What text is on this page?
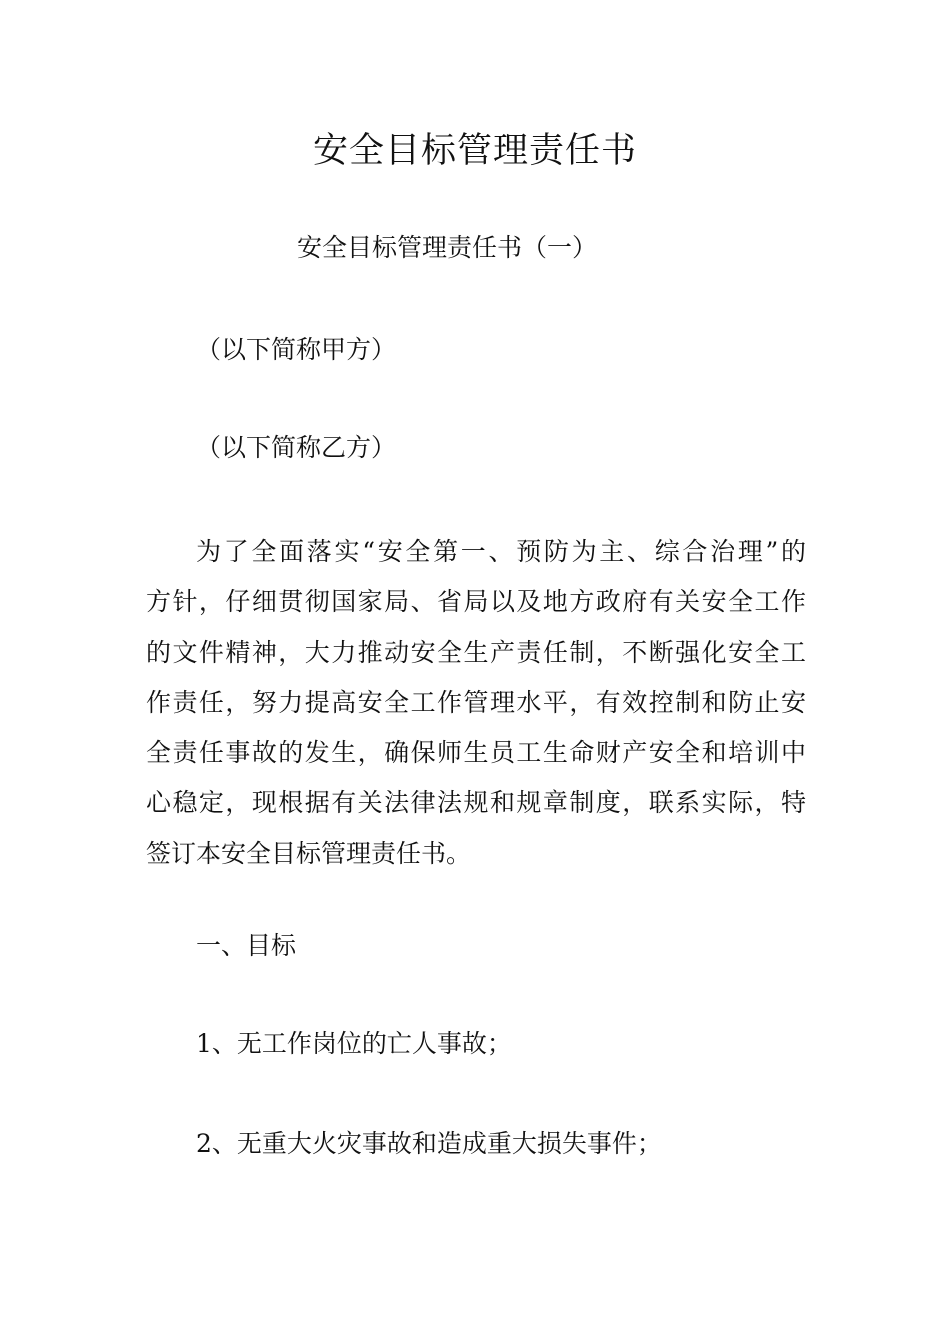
安全目标管理责任书
安全目标管理责任书（一）
（以下简称甲方）
（以下简称乙方）
为了全面落实“安全第一、预防为主、综合治理”的
方针，仔细贯彻国家局、省局以及地方政府有关安全工作
的文件精神，大力推动安全生产责任制，不断强化安全工
作责任，努力提高安全工作管理水平，有效控制和防止安
全责任事故的发生，确保师生员工生命财产安全和培训中
心稳定，现根据有关法律法规和规章制度，联系实际，特
签订本安全目标管理责任书。
一、目标
1、无工作岗位的亡人事故；
2、无重大火灾事故和造成重大损失事件；
